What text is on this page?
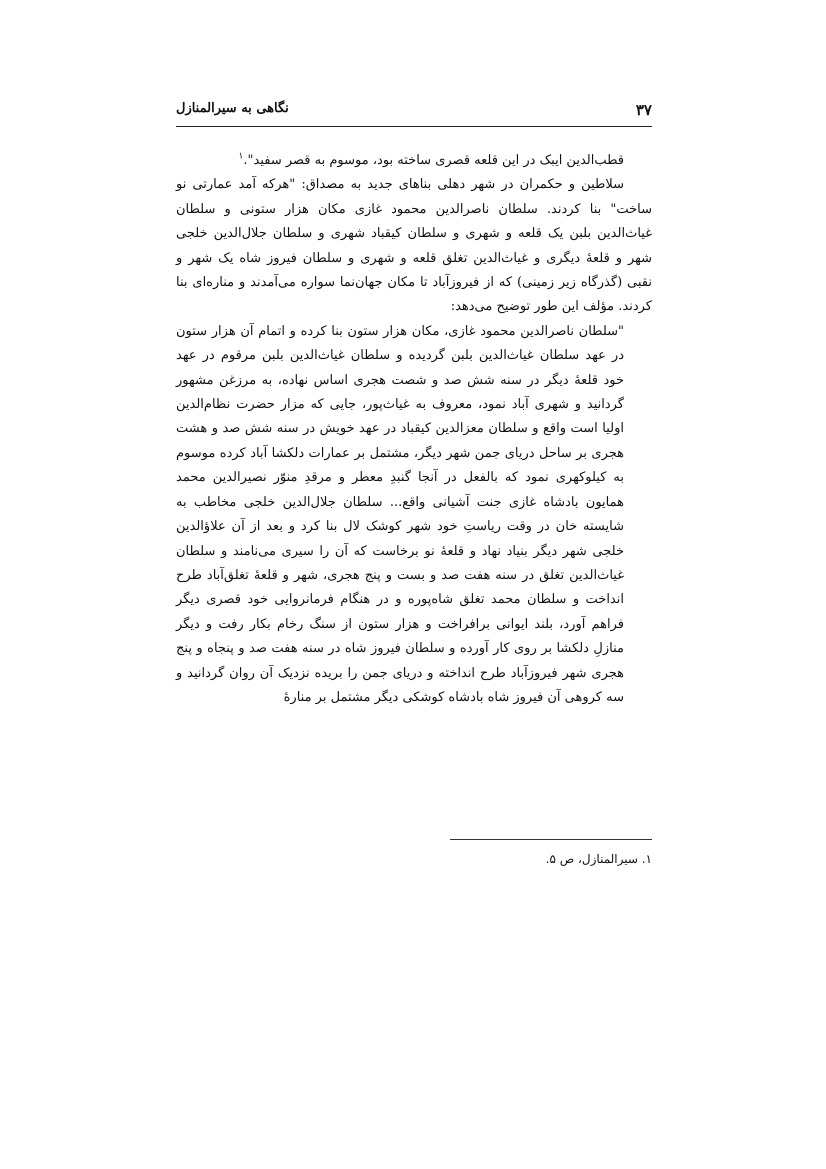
۳۷
نگاهی به سیرالمنازل

قطب‌الدین ایبک در این قلعه قصری ساخته بود، موسوم به قصر سفید".$^۱$

سلاطین و حکمران در شهر دهلی بناهای جدید به مصداق: "هرکه آمد عمارتی نو ساخت" بنا کردند. سلطان ناصرالدین محمود غازی مکان هزار ستونی و سلطان غیاث‌الدین بلبن یک قلعه و شهری و سلطان کیقباد شهری و سلطان جلال‌الدین خلجی شهر و قلعهٔ دیگری و غیاث‌الدین تغلق قلعه و شهری و سلطان فیروز شاه یک شهر و نقبی (گذرگاه زیر زمینی) که از فیروزآباد تا مکان جهان‌نما سواره می‌آمدند و مناره‌ای بنا کردند. مؤلف این طور توضیح می‌دهد:

"سلطان ناصرالدین محمود غازی، مکان هزار ستون بنا کرده و اتمام آن هزار ستون در عهد سلطان غیاث‌الدین بلبن گردیده و سلطان غیاث‌الدین بلبن مرقوم در عهد خود قلعهٔ دیگر در سنه شش صد و شصت هجری اساس نهاده، به مرزغن مشهور گردانید و شهری آباد نمود، معروف به غیاث‌پور، جایی که مزار حضرت نظام‌الدین اولیا است واقع و سلطان معزالدین کیقباد در عهد خویش در سنه شش صد و هشت هجری بر ساحل دریای جمن شهر دیگر، مشتمل بر عمارات دلکشا آباد کرده موسوم به کیلوکهری نمود که بالفعل در آنجا گنبدِ معطر و مرقدِ منوّر نصیرالدین محمد همایون بادشاه غازی جنت آشیانی واقع... سلطان جلال‌الدین خلجی مخاطب به شایسته خان در وقت ریاستِ خود شهر کوشک لال بنا کرد و بعد از آن علاؤالدین خلجی شهر دیگر بنیاد نهاد و قلعهٔ نو برخاست که آن را سیری می‌نامند و سلطان غیاث‌الدین تغلق در سنه هفت صد و بست و پنج هجری، شهر و قلعهٔ تغلق‌آباد طرح انداخت و سلطان محمد تغلق شاه‌پوره و در هنگام فرمانروایی خود قصری دیگر فراهم آورد، بلند ایوانی برافراخت و هزار ستون از سنگ رخام بکار رفت و دیگر منازلِ دلکشا بر روی کار آورده و سلطان فیروز شاه در سنه هفت صد و پنجاه و پنج هجری شهر فیروزآباد طرح انداخته و دریای جمن را بریده نزدیک آن روان گردانید و سه کروهی آن فیروز شاه بادشاه کوشکی دیگر مشتمل بر منارهٔ

۱. سیرالمنازل، ص ۵.
